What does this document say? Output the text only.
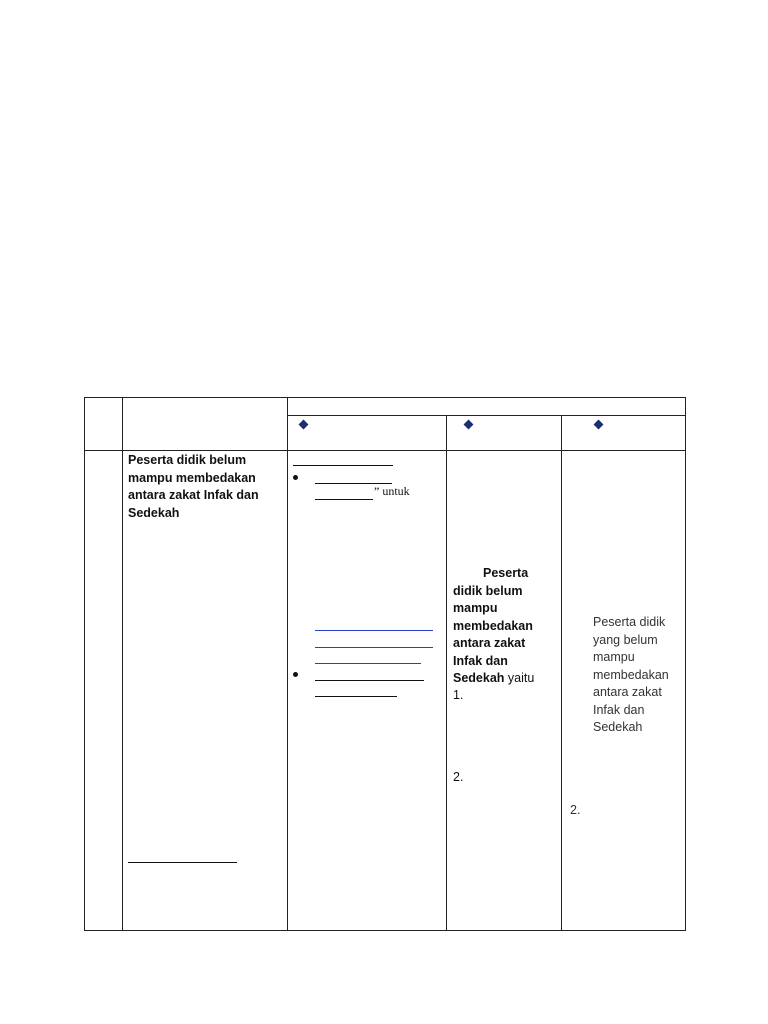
Peserta didik belum mampu membedakan antara zakat Infak dan Sedekah
” untuk
Peserta didik belum mampu membedakan antara zakat Infak dan Sedekah yaitu
1.
2.
Peserta didik yang belum mampu membedakan antara zakat Infak dan Sedekah
2.
